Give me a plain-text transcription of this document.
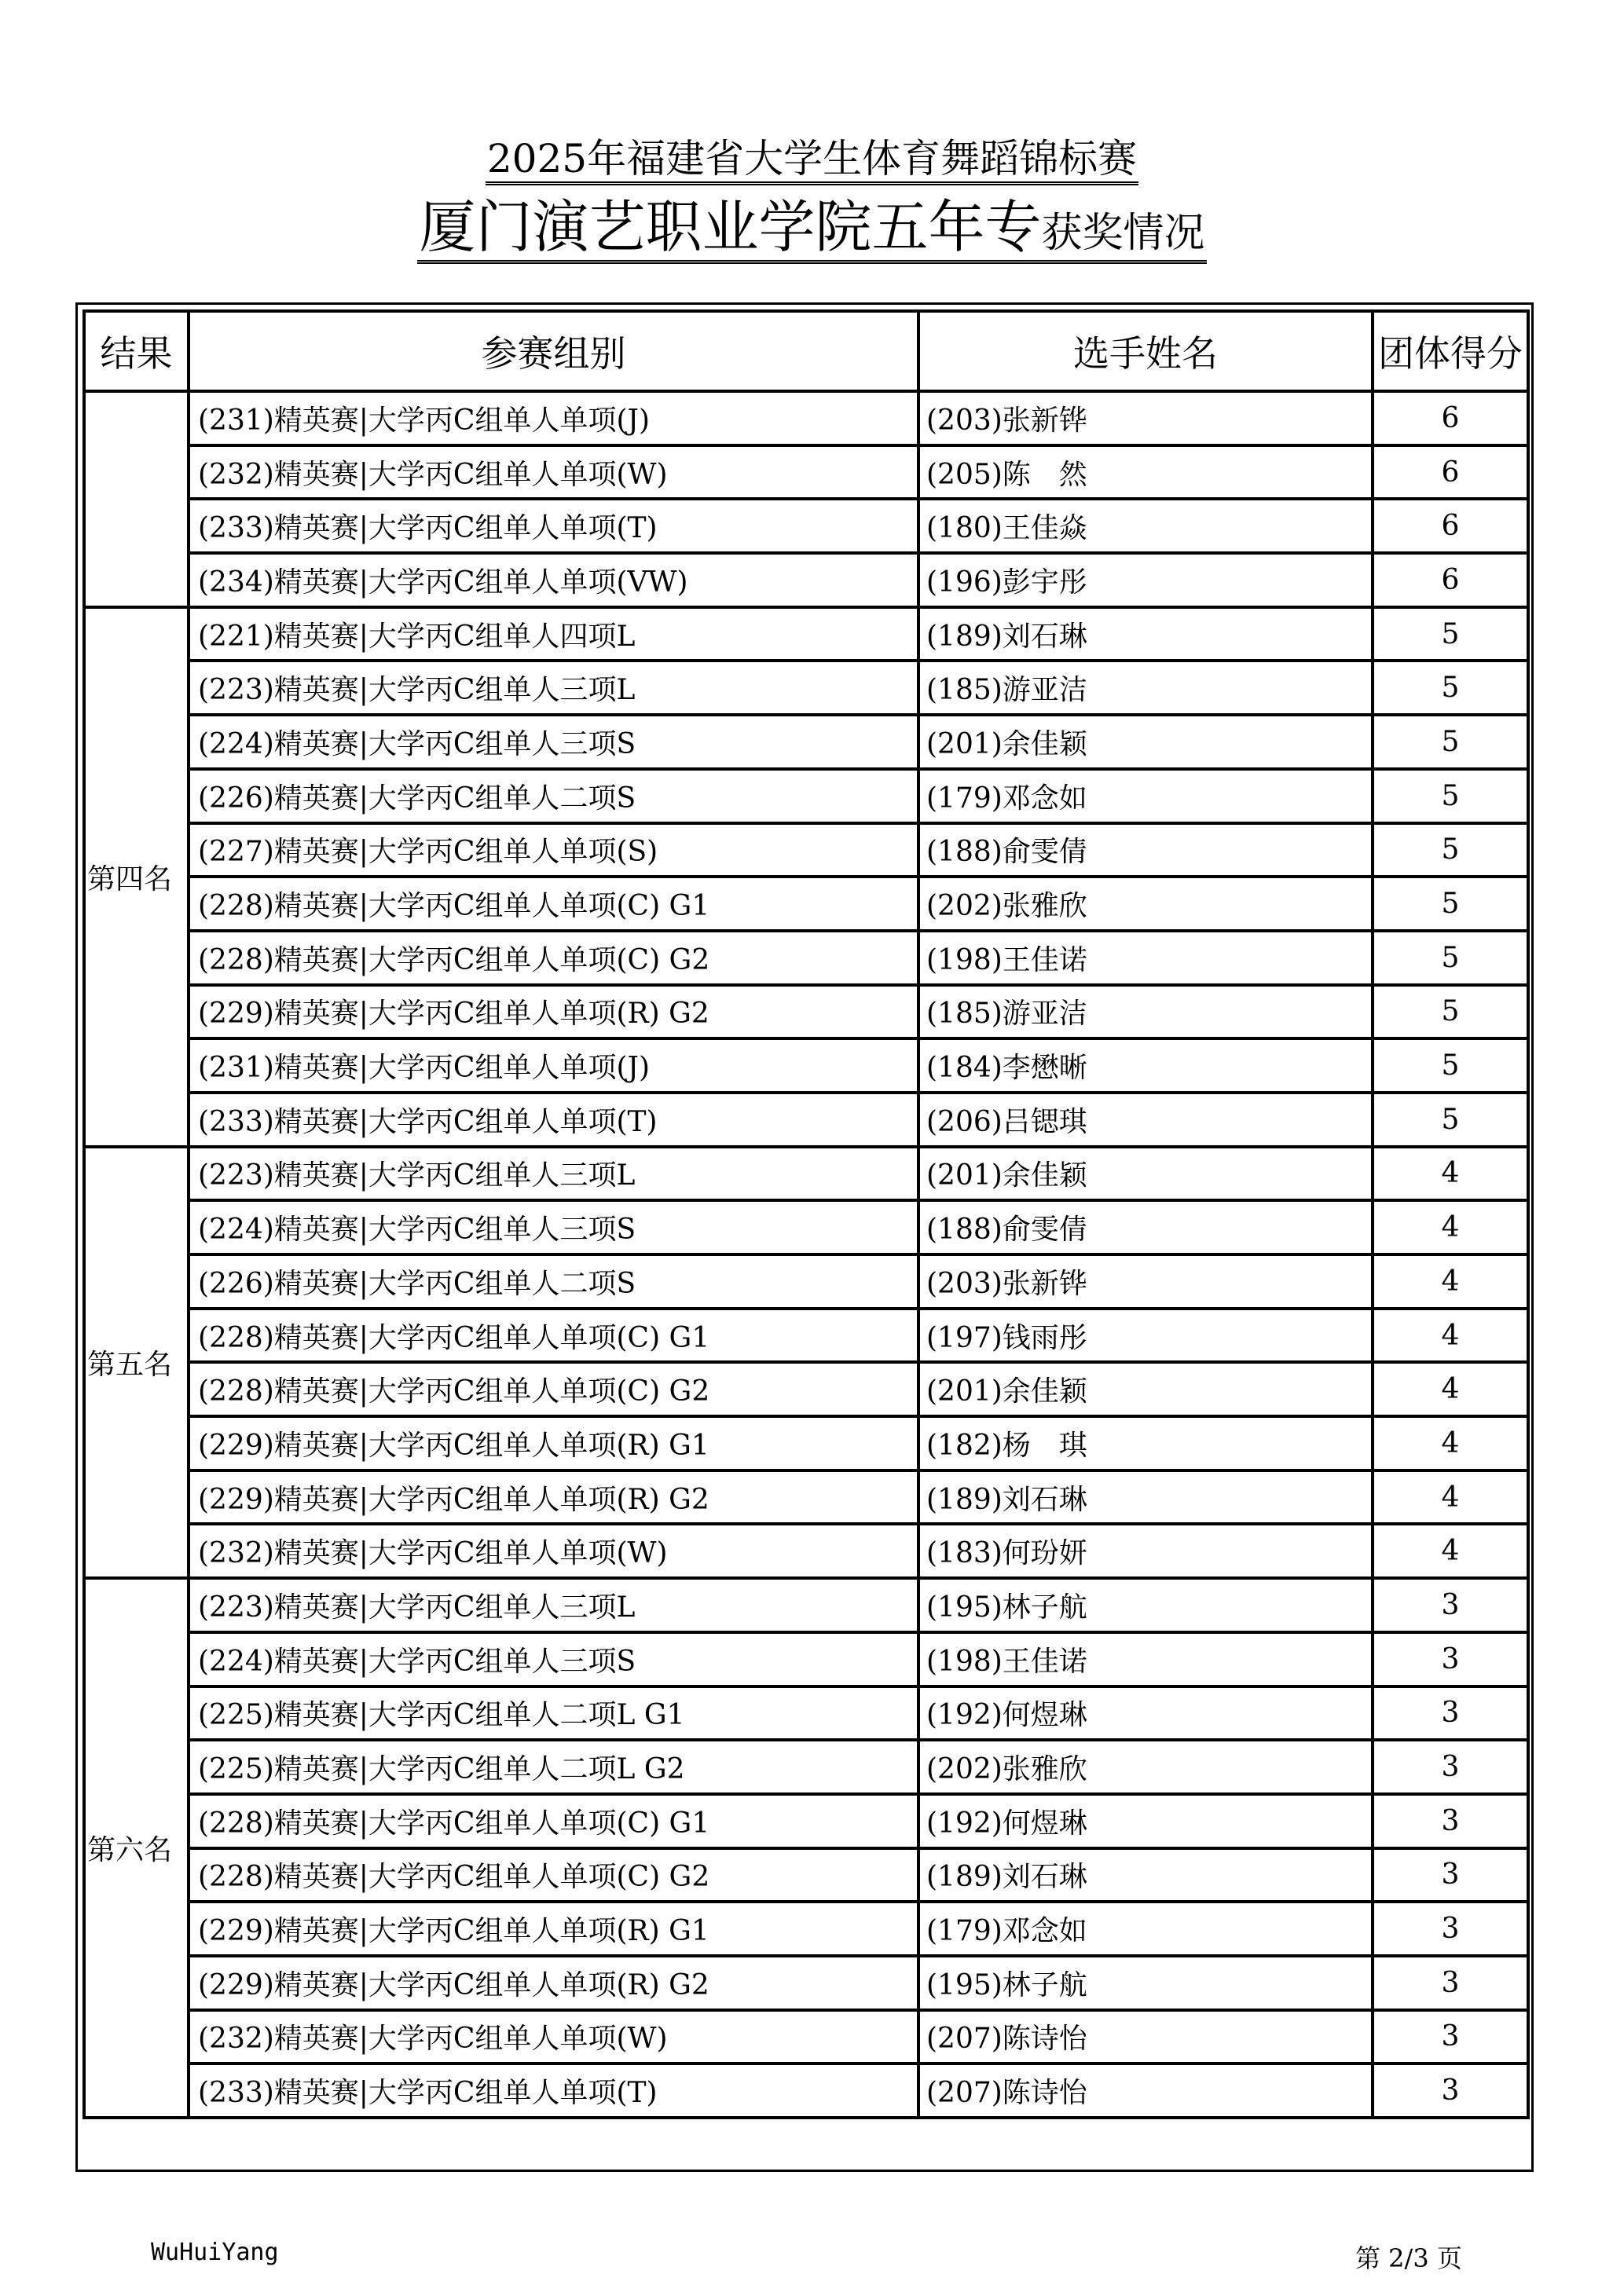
2025年福建省大学生体育舞蹈锦标赛
厦门演艺职业学院五年专获奖情况
结果	参赛组别	选手姓名	团体得分
	(231)精英赛|大学丙C组单人单项(J)	(203)张新铧	6
	(232)精英赛|大学丙C组单人单项(W)	(205)陈　然	6
	(233)精英赛|大学丙C组单人单项(T)	(180)王佳焱	6
	(234)精英赛|大学丙C组单人单项(VW)	(196)彭宇彤	6
第四名	(221)精英赛|大学丙C组单人四项L	(189)刘石琳	5
	(223)精英赛|大学丙C组单人三项L	(185)游亚洁	5
	(224)精英赛|大学丙C组单人三项S	(201)余佳颖	5
	(226)精英赛|大学丙C组单人二项S	(179)邓念如	5
	(227)精英赛|大学丙C组单人单项(S)	(188)俞雯倩	5
	(228)精英赛|大学丙C组单人单项(C) G1	(202)张雅欣	5
	(228)精英赛|大学丙C组单人单项(C) G2	(198)王佳诺	5
	(229)精英赛|大学丙C组单人单项(R) G2	(185)游亚洁	5
	(231)精英赛|大学丙C组单人单项(J)	(184)李懋晰	5
	(233)精英赛|大学丙C组单人单项(T)	(206)吕锶琪	5
第五名	(223)精英赛|大学丙C组单人三项L	(201)余佳颖	4
	(224)精英赛|大学丙C组单人三项S	(188)俞雯倩	4
	(226)精英赛|大学丙C组单人二项S	(203)张新铧	4
	(228)精英赛|大学丙C组单人单项(C) G1	(197)钱雨彤	4
	(228)精英赛|大学丙C组单人单项(C) G2	(201)余佳颖	4
	(229)精英赛|大学丙C组单人单项(R) G1	(182)杨　琪	4
	(229)精英赛|大学丙C组单人单项(R) G2	(189)刘石琳	4
	(232)精英赛|大学丙C组单人单项(W)	(183)何玢妍	4
第六名	(223)精英赛|大学丙C组单人三项L	(195)林子航	3
	(224)精英赛|大学丙C组单人三项S	(198)王佳诺	3
	(225)精英赛|大学丙C组单人二项L G1	(192)何煜琳	3
	(225)精英赛|大学丙C组单人二项L G2	(202)张雅欣	3
	(228)精英赛|大学丙C组单人单项(C) G1	(192)何煜琳	3
	(228)精英赛|大学丙C组单人单项(C) G2	(189)刘石琳	3
	(229)精英赛|大学丙C组单人单项(R) G1	(179)邓念如	3
	(229)精英赛|大学丙C组单人单项(R) G2	(195)林子航	3
	(232)精英赛|大学丙C组单人单项(W)	(207)陈诗怡	3
	(233)精英赛|大学丙C组单人单项(T)	(207)陈诗怡	3
WuHuiYang	第 2/3 页
